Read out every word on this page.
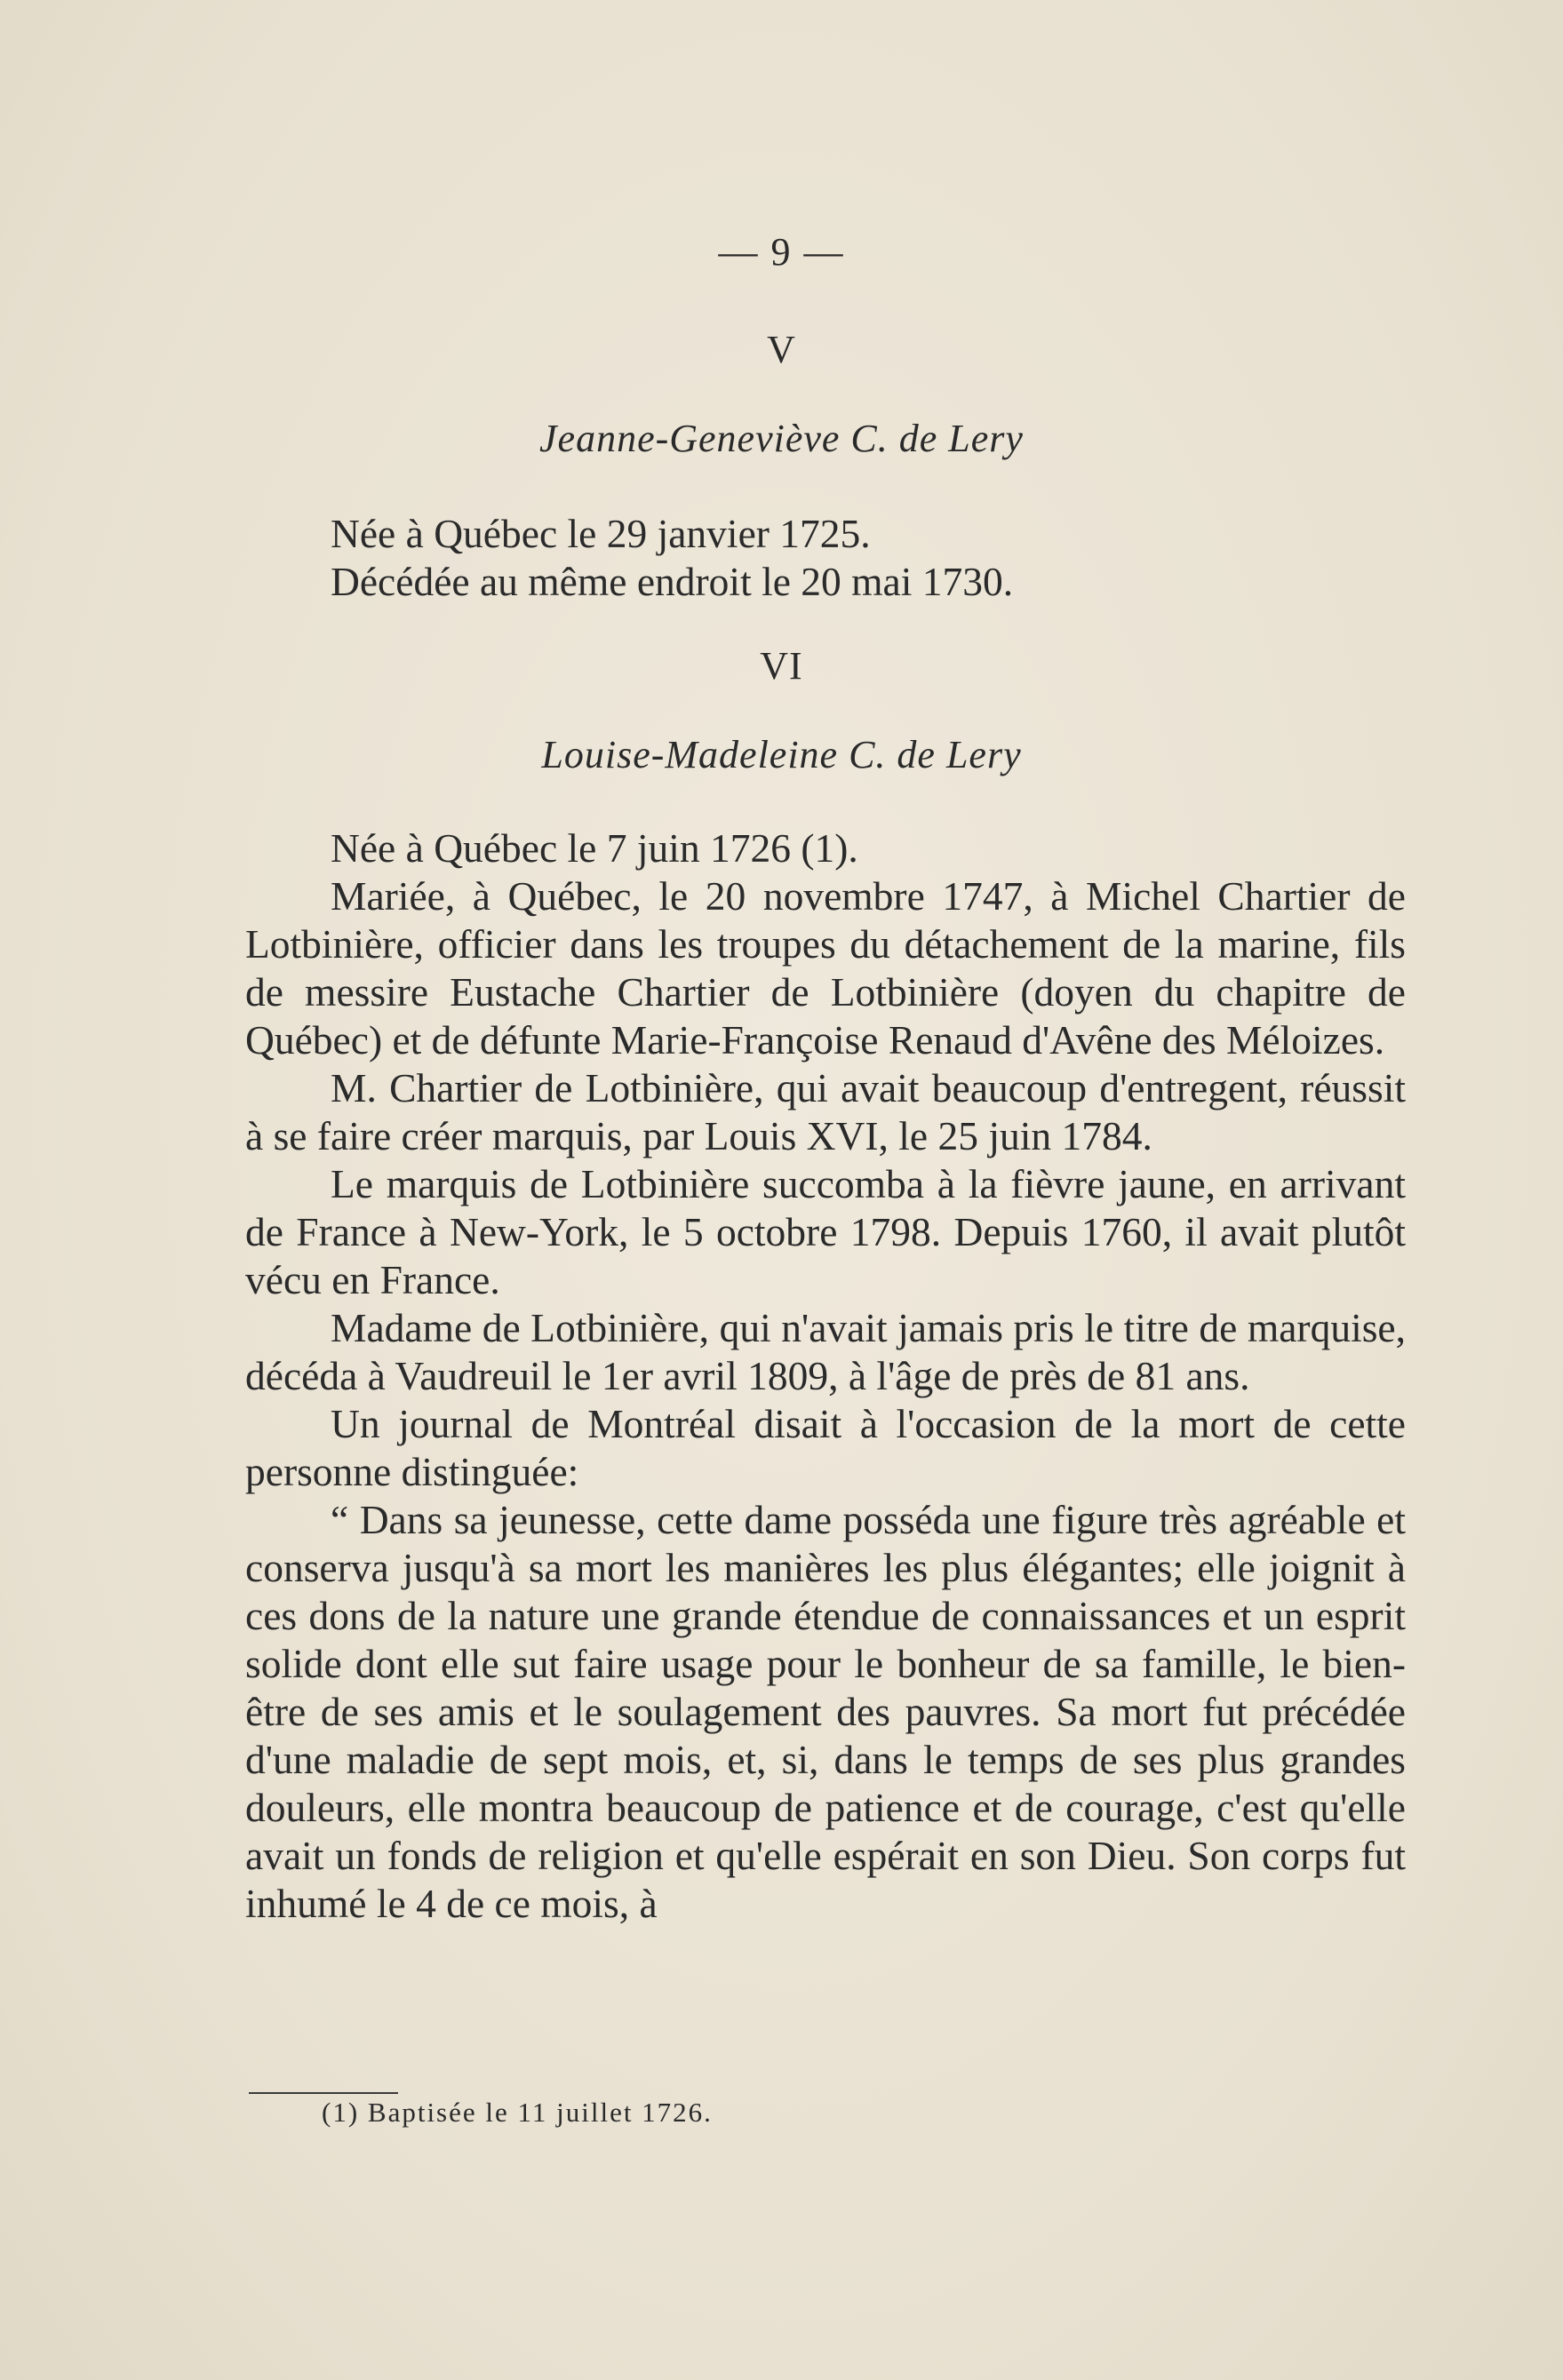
— 9 —
V
Jeanne-Geneviève C. de Lery

Née à Québec le 29 janvier 1725.

Décédée au même endroit le 20 mai 1730.

VI
Louise-Madeleine C. de Lery

Née à Québec le 7 juin 1726 (1).

Mariée, à Québec, le 20 novembre 1747, à Michel Chartier de Lotbinière, officier dans les troupes du détachement de la marine, fils de messire Eustache Chartier de Lotbinière (doyen du chapitre de Québec) et de défunte Marie-Françoise Renaud d'Avêne des Méloizes.

M. Chartier de Lotbinière, qui avait beaucoup d'entregent, réussit à se faire créer marquis, par Louis XVI, le 25 juin 1784.

Le marquis de Lotbinière succomba à la fièvre jaune, en arrivant de France à New-York, le 5 octobre 1798. Depuis 1760, il avait plutôt vécu en France.

Madame de Lotbinière, qui n'avait jamais pris le titre de marquise, décéda à Vaudreuil le 1er avril 1809, à l'âge de près de 81 ans.

Un journal de Montréal disait à l'occasion de la mort de cette personne distinguée:

“ Dans sa jeunesse, cette dame posséda une figure très agréable et conserva jusqu'à sa mort les manières les plus élégantes; elle joignit à ces dons de la nature une grande étendue de connaissances et un esprit solide dont elle sut faire usage pour le bonheur de sa famille, le bien-être de ses amis et le soulagement des pauvres. Sa mort fut précédée d'une maladie de sept mois, et, si, dans le temps de ses plus grandes douleurs, elle montra beaucoup de patience et de courage, c'est qu'elle avait un fonds de religion et qu'elle espérait en son Dieu. Son corps fut inhumé le 4 de ce mois, à

(1) Baptisée le 11 juillet 1726.
